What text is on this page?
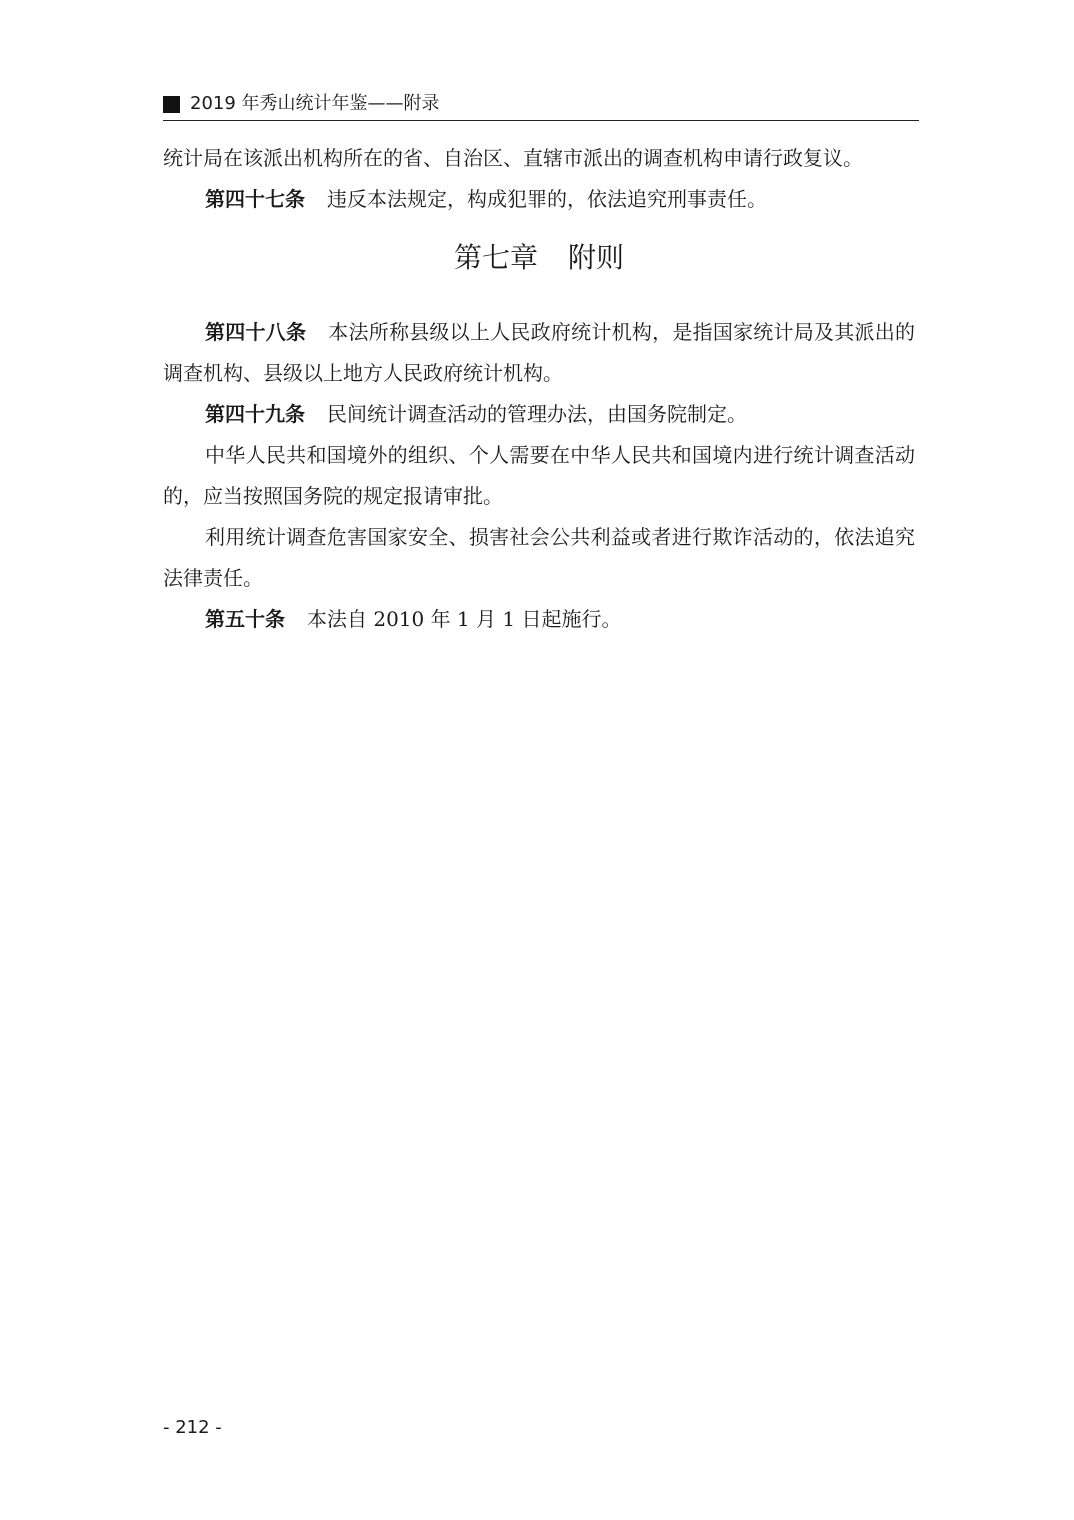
2019 年秀山统计年鉴——附录

统计局在该派出机构所在的省、自治区、直辖市派出的调查机构申请行政复议。

第四十七条 违反本法规定，构成犯罪的，依法追究刑事责任。

第七章 附则

第四十八条 本法所称县级以上人民政府统计机构，是指国家统计局及其派出的调查机构、县级以上地方人民政府统计机构。

第四十九条 民间统计调查活动的管理办法，由国务院制定。

中华人民共和国境外的组织、个人需要在中华人民共和国境内进行统计调查活动的，应当按照国务院的规定报请审批。

利用统计调查危害国家安全、损害社会公共利益或者进行欺诈活动的，依法追究法律责任。

第五十条 本法自 2010 年 1 月 1 日起施行。

- 212 -
